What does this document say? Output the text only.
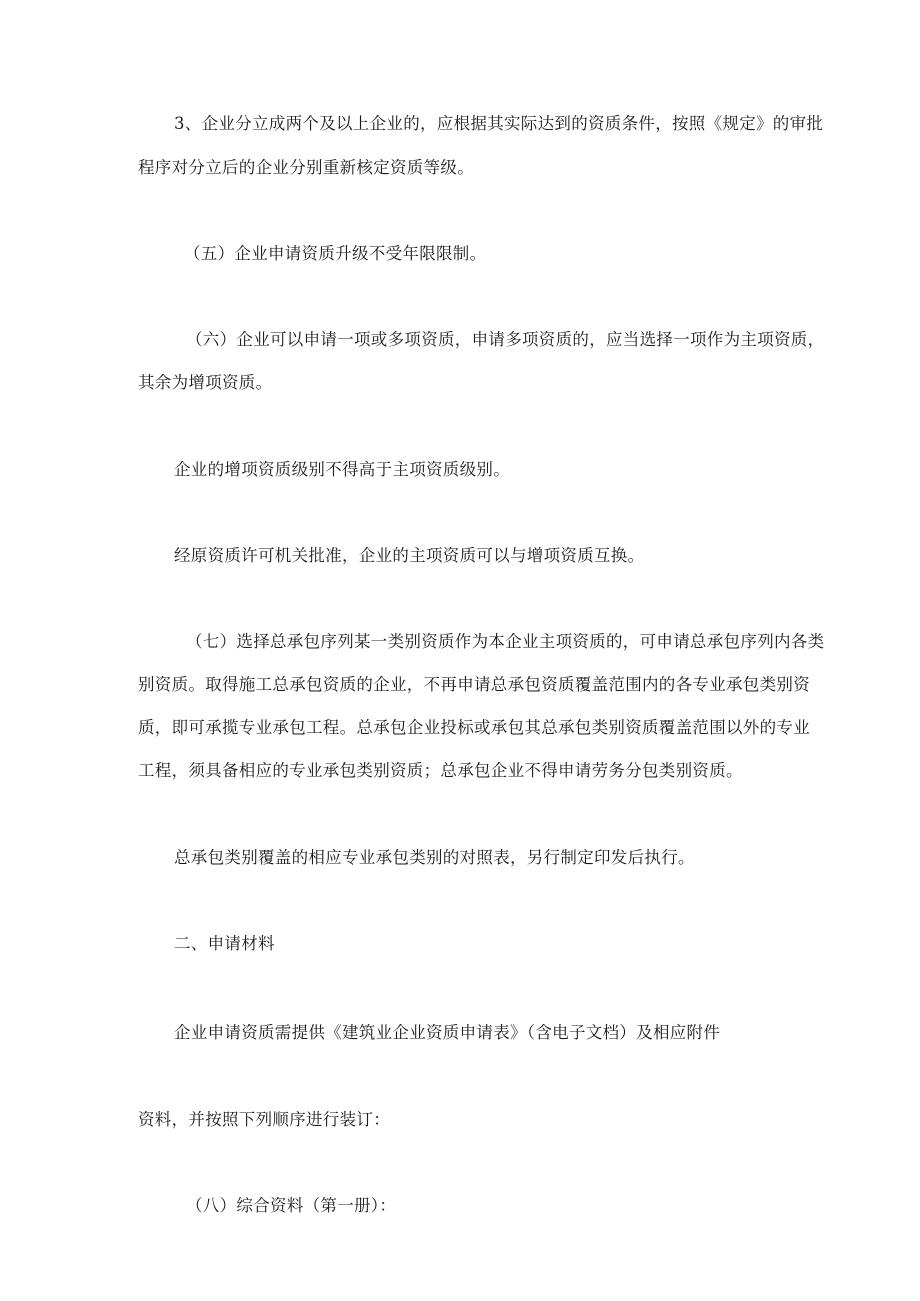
3、企业分立成两个及以上企业的，应根据其实际达到的资质条件，按照《规定》的审批
程序对分立后的企业分别重新核定资质等级。
（五）企业申请资质升级不受年限限制。
（六）企业可以申请一项或多项资质，申请多项资质的，应当选择一项作为主项资质，
其余为增项资质。
企业的增项资质级别不得高于主项资质级别。
经原资质许可机关批准，企业的主项资质可以与增项资质互换。
（七）选择总承包序列某一类别资质作为本企业主项资质的，可申请总承包序列内各类
别资质。取得施工总承包资质的企业，不再申请总承包资质覆盖范围内的各专业承包类别资
质，即可承揽专业承包工程。总承包企业投标或承包其总承包类别资质覆盖范围以外的专业
工程，须具备相应的专业承包类别资质；总承包企业不得申请劳务分包类别资质。
总承包类别覆盖的相应专业承包类别的对照表，另行制定印发后执行。
二、申请材料
企业申请资质需提供《建筑业企业资质申请表》（含电子文档）及相应附件
资料，并按照下列顺序进行装订：
（八）综合资料（第一册）：
